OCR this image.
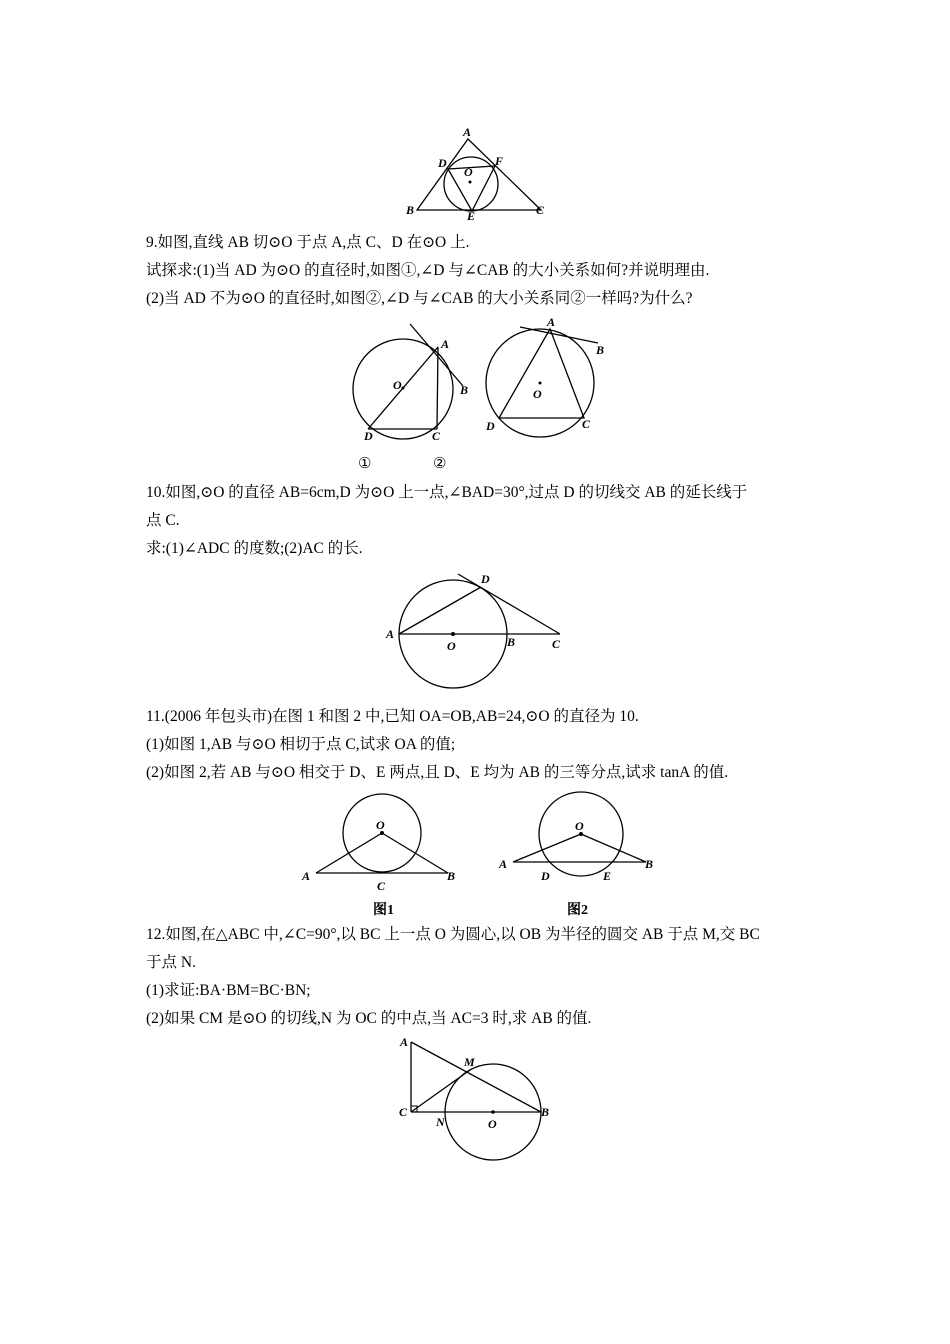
A
D	F
O
B	E	C
9.如图,直线 AB 切⊙O 于点 A,点 C、D 在⊙O 上.
试探求:(1)当 AD 为⊙O 的直径时,如图①,∠D 与∠CAB 的大小关系如何?并说明理由.
(2)当 AD 不为⊙O 的直径时,如图②,∠D 与∠CAB 的大小关系同②一样吗?为什么?
A
B
O
D	C
①
A
B
O
D	C
②
10.如图,⊙O 的直径 AB=6cm,D 为⊙O 上一点,∠BAD=30°,过点 D 的切线交 AB 的延长线于
点 C.
求:(1)∠ADC 的度数;(2)AC 的长.
D
A
O	B	C
11.(2006 年包头市)在图 1 和图 2 中,已知 OA=OB,AB=24,⊙O 的直径为 10.
(1)如图 1,AB 与⊙O 相切于点 C,试求 OA 的值;
(2)如图 2,若 AB 与⊙O 相交于 D、E 两点,且 D、E 均为 AB 的三等分点,试求 tanA 的值.
O
A
C
B
图1
O
A
D	E
B
图2
12.如图,在△ABC 中,∠C=90°,以 BC 上一点 O 为圆心,以 OB 为半径的圆交 AB 于点 M,交 BC
于点 N.
(1)求证:BA·BM=BC·BN;
(2)如果 CM 是⊙O 的切线,N 为 OC 的中点,当 AC=3 时,求 AB 的值.
A
M
C
N	O
B
